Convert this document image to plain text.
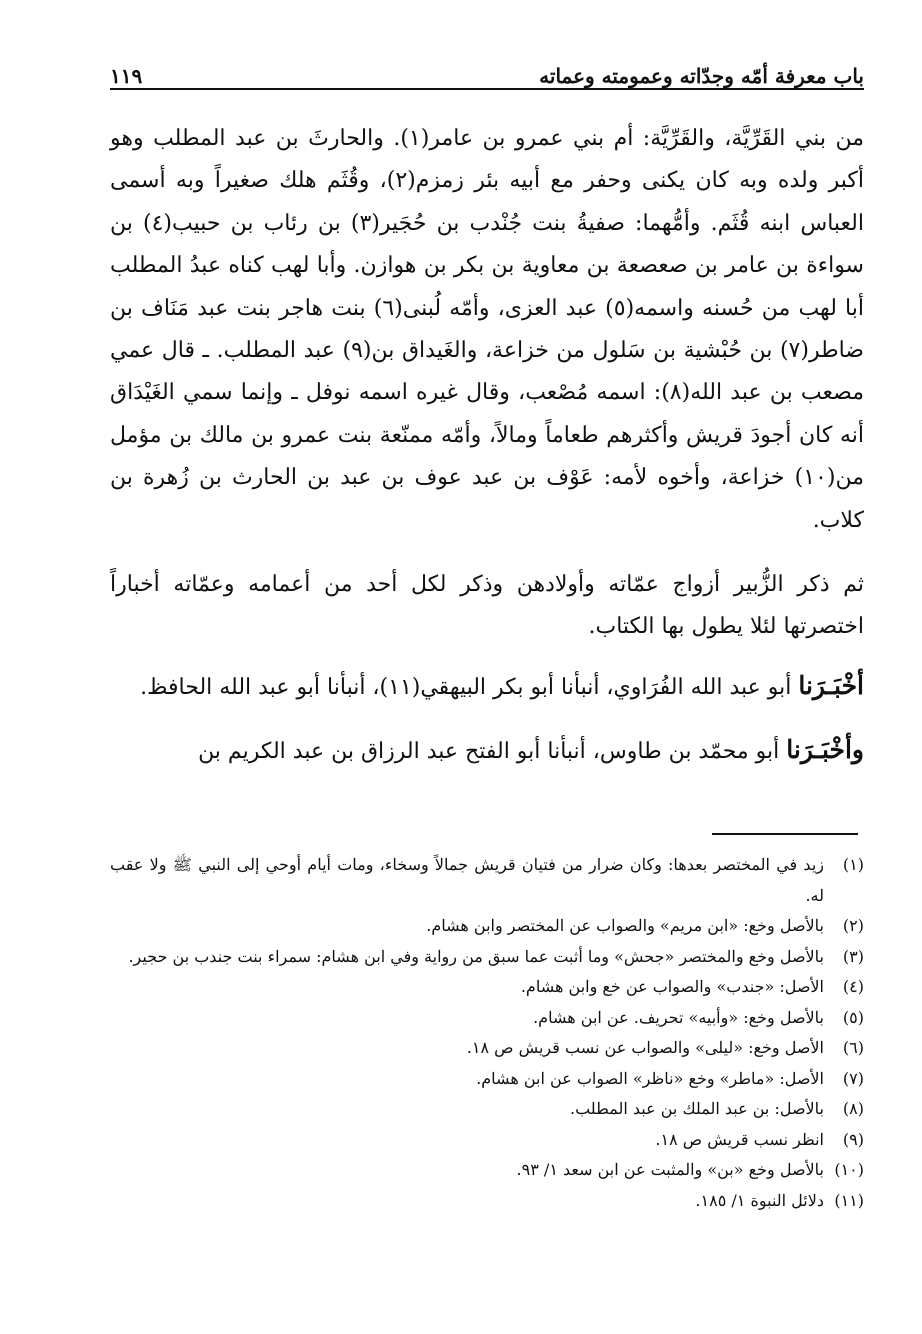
باب معرفة أمّه وجدّاته وعمومته وعماته
١١٩

من بني القَرِّيَّة، والقَرِّيَّة: أم بني عمرو بن عامر(١). والحارثَ بن عبد المطلب وهو أكبر ولده وبه كان يكنى وحفر مع أبيه بئر زمزم(٢)، وقُثَم هلك صغيراً وبه أسمى العباس ابنه قُثَم. وأمُّهما: صفيةُ بنت جُنْدب بن حُجَير(٣) بن رئاب بن حبيب(٤) بن سواءة بن عامر بن صعصعة بن معاوية بن بكر بن هوازن. وأبا لهب كناه عبدُ المطلب أبا لهب من حُسنه واسمه(٥) عبد العزى، وأمّه لُبنى(٦) بنت هاجر بنت عبد مَنَاف بن ضاطر(٧) بن حُبْشية بن سَلول من خزاعة، والغَيداق بن(٩) عبد المطلب. ـ قال عمي مصعب بن عبد الله(٨): اسمه مُصْعب، وقال غيره اسمه نوفل ـ وإنما سمي الغَيْدَاق أنه كان أجودَ قريش وأكثرهم طعاماً ومالاً، وأمّه ممنّعة بنت عمرو بن مالك بن مؤمل من(١٠) خزاعة، وأخوه لأمه: عَوْف بن عبد عوف بن عبد بن الحارث بن زُهرة بن كلاب.

ثم ذكر الزُّبير أزواج عمّاته وأولادهن وذكر لكل أحد من أعمامه وعمّاته أخباراً اختصرتها لئلا يطول بها الكتاب.

أخْبَـرَنا أبو عبد الله الفُرَاوي، أنبأنا أبو بكر البيهقي(١١)، أنبأنا أبو عبد الله الحافظ.

وأخْبَـرَنا أبو محمّد بن طاوس، أنبأنا أبو الفتح عبد الرزاق بن عبد الكريم بن

(١)
زيد في المختصر بعدها: وكان ضرار من فتيان قريش جمالاً وسخاء، ومات أيام أوحي إلى النبي ﷺ ولا عقب له.
(٢)
بالأصل وخع: «ابن مريم» والصواب عن المختصر وابن هشام.
(٣)
بالأصل وخع والمختصر «جحش» وما أثبت عما سبق من رواية وفي ابن هشام: سمراء بنت جندب بن حجير.
(٤)
الأصل: «جندب» والصواب عن خع وابن هشام.
(٥)
بالأصل وخع: «وأبيه» تحريف. عن ابن هشام.
(٦)
الأصل وخع: «ليلى» والصواب عن نسب قريش ص ١٨.
(٧)
الأصل: «ماطر» وخع «ناظر» الصواب عن ابن هشام.
(٨)
بالأصل: بن عبد الملك بن عبد المطلب.
(٩)
انظر نسب قريش ص ١٨.
(١٠)
بالأصل وخع «بن» والمثبت عن ابن سعد ١/ ٩٣.
(١١)
دلائل النبوة ١/ ١٨٥.
